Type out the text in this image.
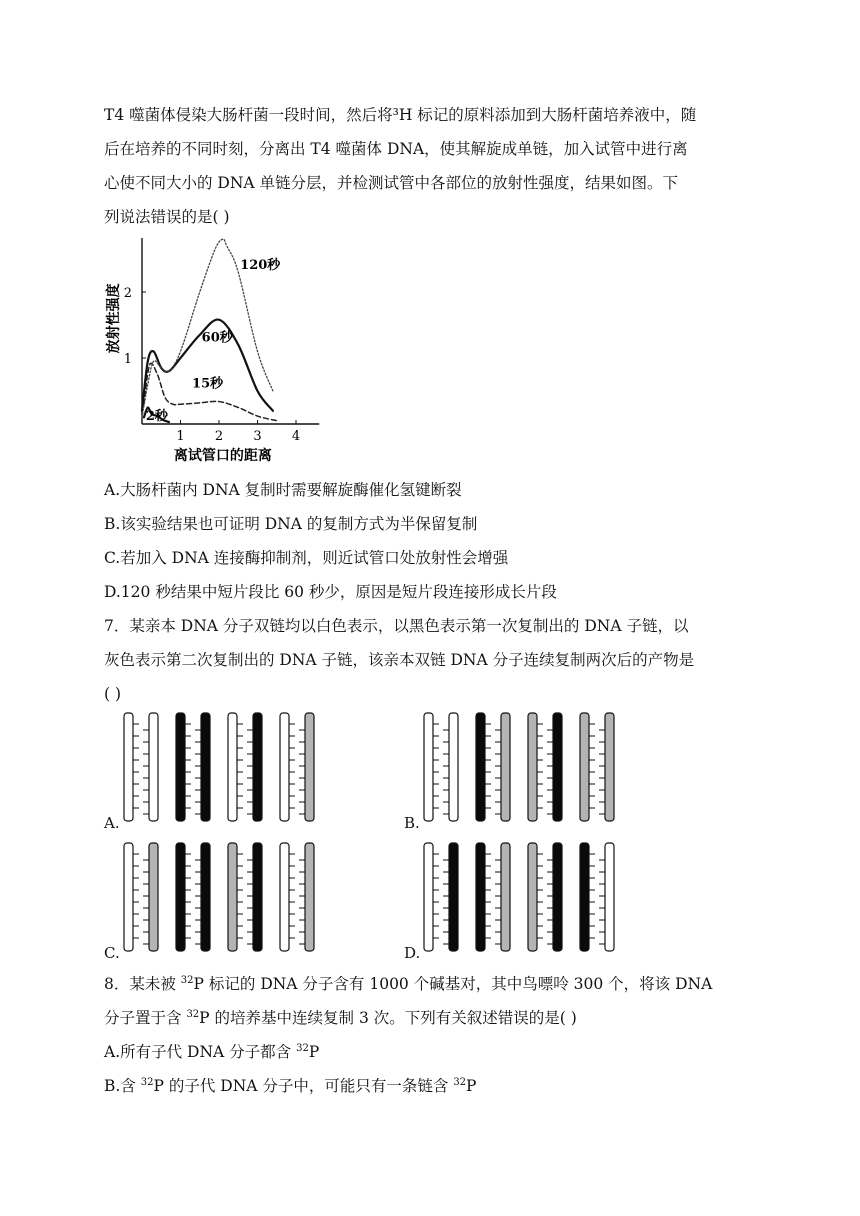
T4 噬菌体侵染大肠杆菌一段时间，然后将³H 标记的原料添加到大肠杆菌培养液中，随
后在培养的不同时刻，分离出 T4 噬菌体 DNA，使其解旋成单链，加入试管中进行离
心使不同大小的 DNA 单链分层，并检测试管中各部位的放射性强度，结果如图。下
列说法错误的是( )
1 2 3 4
1
2
离试管口的距离
放射性强度
2秒
15秒
60秒
120秒
A.大肠杆菌内 DNA 复制时需要解旋酶催化氢键断裂
B.该实验结果也可证明 DNA 的复制方式为半保留复制
C.若加入 DNA 连接酶抑制剂，则近试管口处放射性会增强
D.120 秒结果中短片段比 60 秒少，原因是短片段连接形成长片段
7．某亲本 DNA 分子双链均以白色表示，以黑色表示第一次复制出的 DNA 子链，以
灰色表示第二次复制出的 DNA 子链，该亲本双链 DNA 分子连续复制两次后的产物是
( )
A.	B.
C.	D.
8．某未被 $^{32}$P 标记的 DNA 分子含有 1000 个碱基对，其中鸟嘌呤 300 个，将该 DNA
分子置于含 $^{32}$P 的培养基中连续复制 3 次。下列有关叙述错误的是( )
A.所有子代 DNA 分子都含 $^{32}$P
B.含 $^{32}$P 的子代 DNA 分子中，可能只有一条链含 $^{32}$P
